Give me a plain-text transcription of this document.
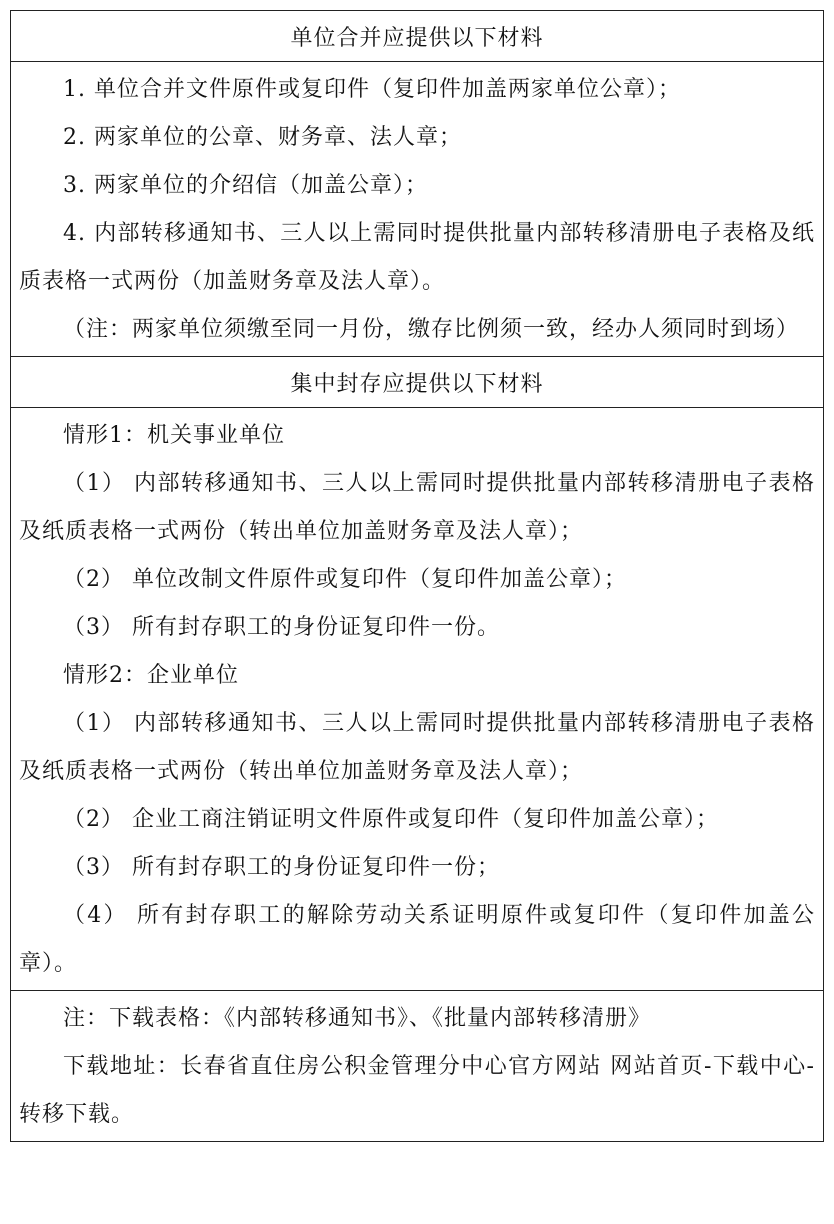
单位合并应提供以下材料

1. 单位合并文件原件或复印件（复印件加盖两家单位公章）；

2. 两家单位的公章、财务章、法人章；

3. 两家单位的介绍信（加盖公章）；

4. 内部转移通知书、三人以上需同时提供批量内部转移清册电子表格及纸质表格一式两份（加盖财务章及法人章）。

（注：两家单位须缴至同一月份，缴存比例须一致，经办人须同时到场）

集中封存应提供以下材料

情形1：机关事业单位

（1） 内部转移通知书、三人以上需同时提供批量内部转移清册电子表格及纸质表格一式两份（转出单位加盖财务章及法人章）；

（2） 单位改制文件原件或复印件（复印件加盖公章）；

（3） 所有封存职工的身份证复印件一份。

情形2：企业单位

（1） 内部转移通知书、三人以上需同时提供批量内部转移清册电子表格及纸质表格一式两份（转出单位加盖财务章及法人章）；

（2） 企业工商注销证明文件原件或复印件（复印件加盖公章）；

（3） 所有封存职工的身份证复印件一份；

（4） 所有封存职工的解除劳动关系证明原件或复印件（复印件加盖公章）。

注：下载表格：《内部转移通知书》、《批量内部转移清册》

下载地址：长春省直住房公积金管理分中心官方网站 网站首页-下载中心-转移下载。
